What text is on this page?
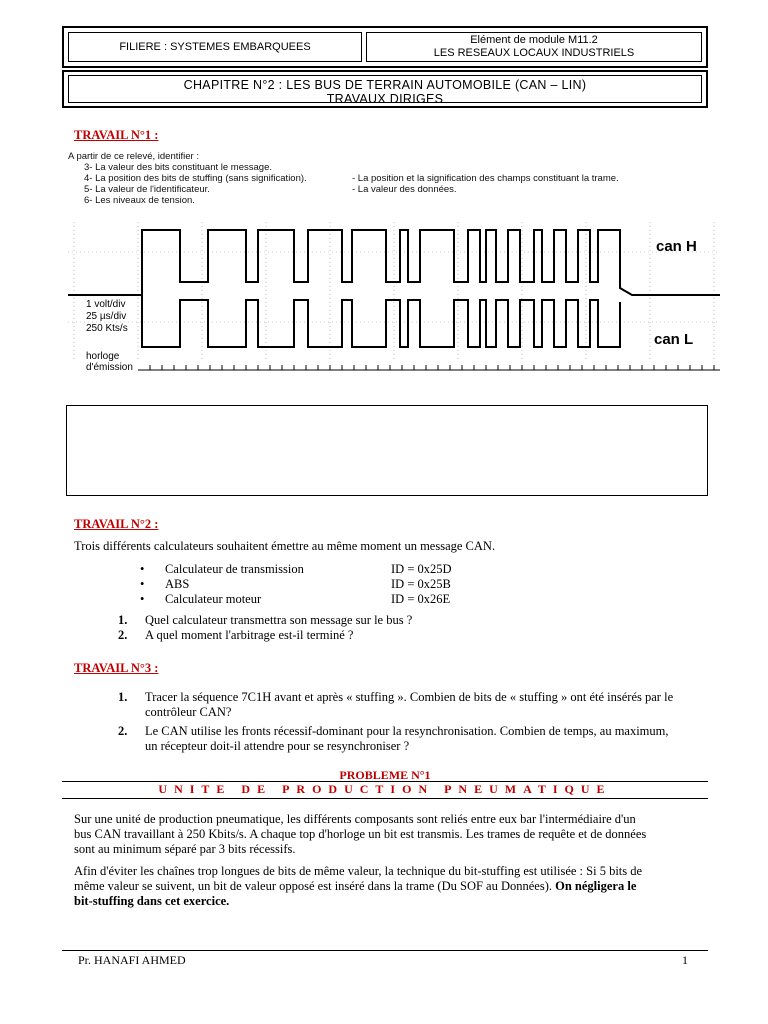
FILIERE : SYSTEMES EMBARQUEES
Elément de module M11.2
LES RESEAUX LOCAUX INDUSTRIELS
CHAPITRE N°2 : LES BUS DE TERRAIN AUTOMOBILE (CAN – LIN)
TRAVAUX DIRIGES
TRAVAIL N°1 :
A partir de ce relevé, identifier :
3- La valeur des bits constituant le message.
4- La position des bits de stuffing (sans signification).
5- La valeur de l'identificateur.
6- Les niveaux de tension.
- La position et la signification des champs constituant la trame.
- La valeur des données.
can H
can L
1 volt/div
25 µs/div
250 Kts/s
horloge
d'émission
TRAVAIL N°2 :
Trois différents calculateurs souhaitent émettre au même moment un message CAN.
• Calculateur de transmission	ID = 0x25D
• ABS	ID = 0x25B
• Calculateur moteur	ID = 0x26E
1. Quel calculateur transmettra son message sur le bus ?
2. A quel moment l'arbitrage est-il terminé ?
TRAVAIL N°3 :
1. Tracer la séquence 7C1H avant et après « stuffing ». Combien de bits de « stuffing » ont été insérés par le
contrôleur CAN?
2. Le CAN utilise les fronts récessif-dominant pour la resynchronisation. Combien de temps, au maximum,
un récepteur doit-il attendre pour se resynchroniser ?
PROBLEME N°1
UNITE DE PRODUCTION PNEUMATIQUE
Sur une unité de production pneumatique, les différents composants sont reliés entre eux bar l'intermédiaire d'un
bus CAN travaillant à 250 Kbits/s. A chaque top d'horloge un bit est transmis. Les trames de requête et de données
sont au minimum séparé par 3 bits récessifs.
Afin d'éviter les chaînes trop longues de bits de même valeur, la technique du bit-stuffing est utilisée : Si 5 bits de
même valeur se suivent, un bit de valeur opposé est inséré dans la trame (Du SOF au Données). On négligera le
bit-stuffing dans cet exercice.
Pr. HANAFI AHMED	1
